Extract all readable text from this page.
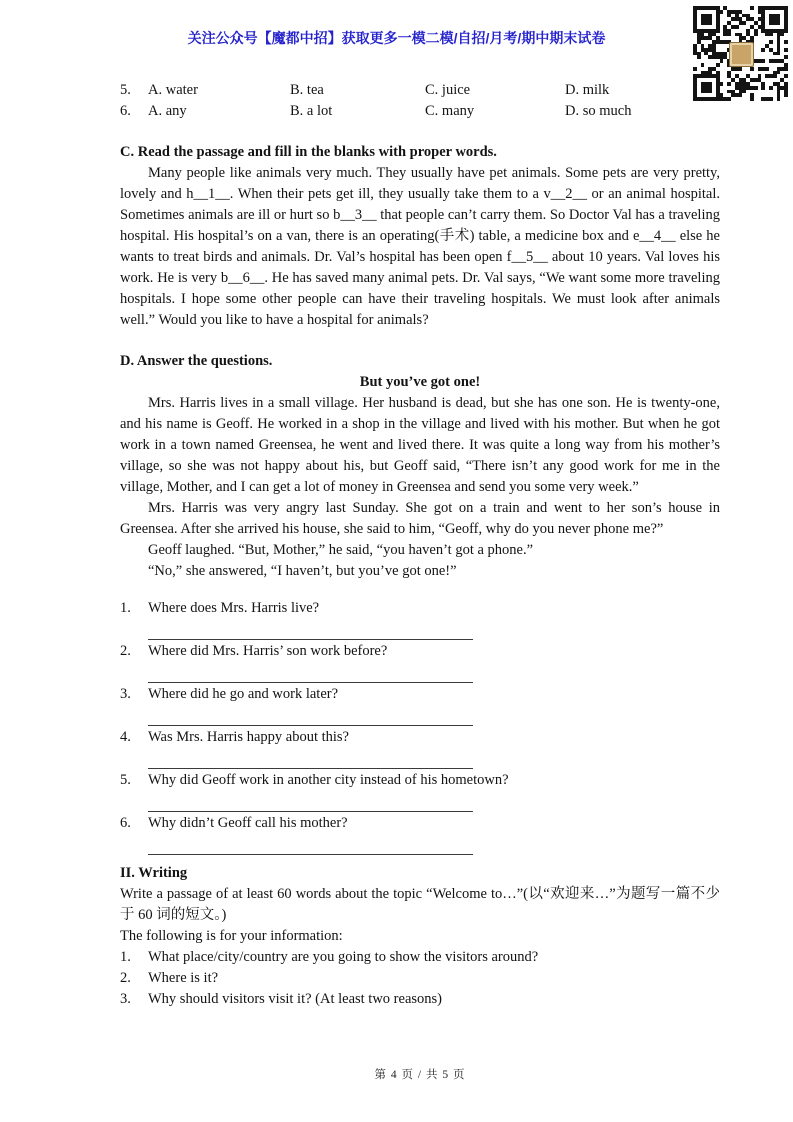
关注公众号【魔都中招】获取更多一模二模/自招/月考/期中期末试卷
5.	A. water	B. tea	C. juice	D. milk
6.	A. any	B. a lot	C. many	D. so much
C. Read the passage and fill in the blanks with proper words.

Many people like animals very much. They usually have pet animals. Some pets are very pretty, lovely and h__1__. When their pets get ill, they usually take them to a v__2__ or an animal hospital. Sometimes animals are ill or hurt so b__3__ that people can’t carry them. So Doctor Val has a traveling hospital. His hospital’s on a van, there is an operating(手术) table, a medicine box and e__4__ else he wants to treat birds and animals. Dr. Val’s hospital has been open f__5__ about 10 years. Val loves his work. He is very b__6__. He has saved many animal pets. Dr. Val says, “We want some more traveling hospitals. I hope some other people can have their traveling hospitals. We must look after animals well.” Would you like to have a hospital for animals?

D. Answer the questions.
But you’ve got one!

Mrs. Harris lives in a small village. Her husband is dead, but she has one son. He is twenty-one, and his name is Geoff. He worked in a shop in the village and lived with his mother. But when he got work in a town named Greensea, he went and lived there. It was quite a long way from his mother’s village, so she was not happy about his, but Geoff said, “There isn’t any good work for me in the village, Mother, and I can get a lot of money in Greensea and send you some very week.”

Mrs. Harris was very angry last Sunday. She got on a train and went to her son’s house in Greensea. After she arrived his house, she said to him, “Geoff, why do you never phone me?”

Geoff laughed. “But, Mother,” he said, “you haven’t got a phone.”

“No,” she answered, “I haven’t, but you’ve got one!”

1.	Where does Mrs. Harris live?
2.	Where did Mrs. Harris’ son work before?
3.	Where did he go and work later?
4.	Was Mrs. Harris happy about this?
5.	Why did Geoff work in another city instead of his hometown?
6.	Why didn’t Geoff call his mother?
II. Writing

Write a passage of at least 60 words about the topic “Welcome to…”(以“欢迎来…”为题写一篇不少于 60 词的短文。)

The following is for your information:

1.	What place/city/country are you going to show the visitors around?
2.	Where is it?
3.	Why should visitors visit it? (At least two reasons)
第 4 页 / 共 5 页
